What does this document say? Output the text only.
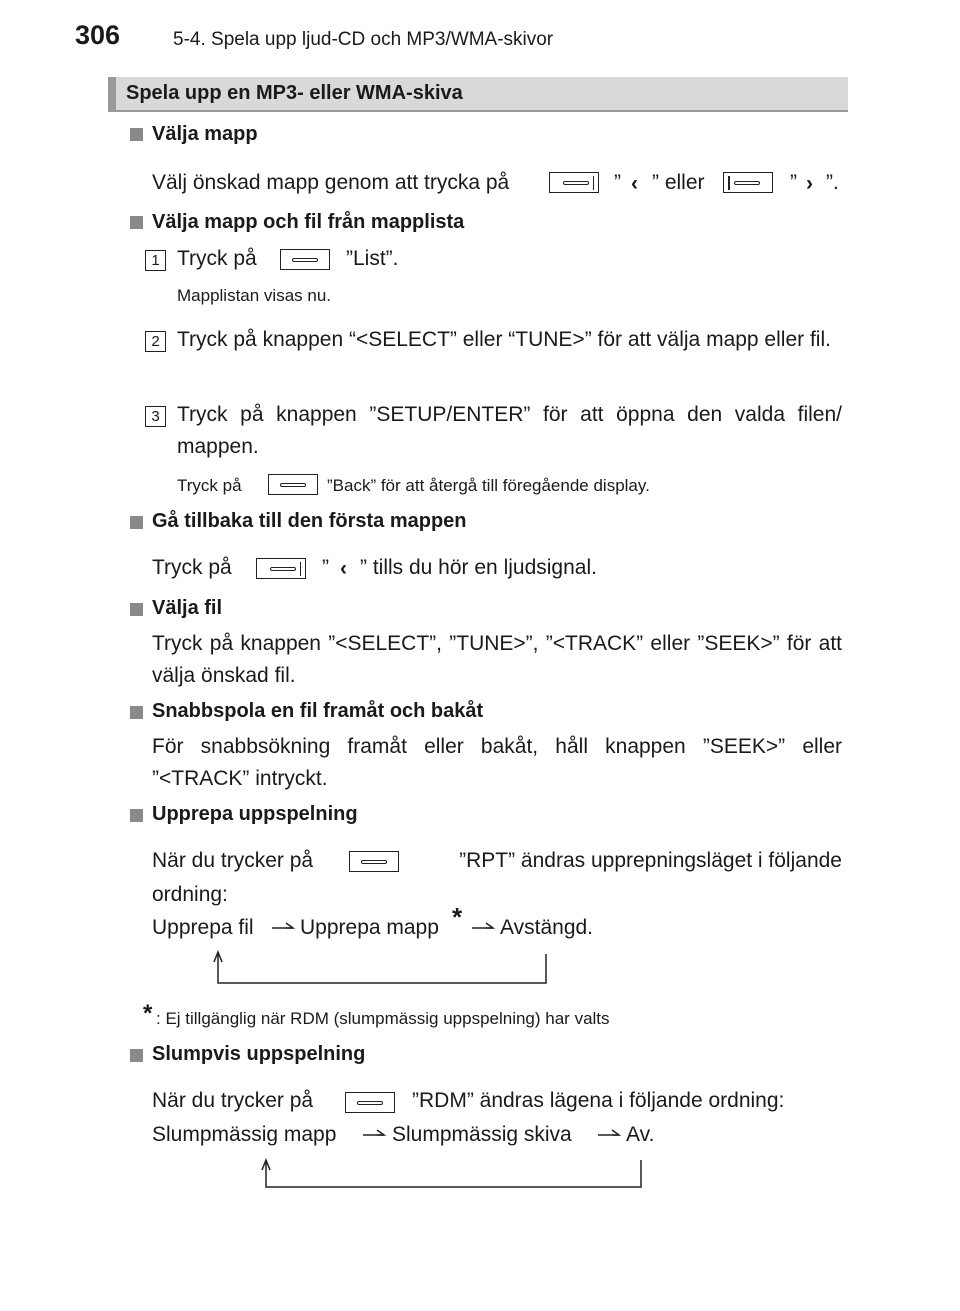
306	5-4. Spela upp ljud-CD och MP3/WMA-skivor
Spela upp en MP3- eller WMA-skiva
Välja mapp
Välj önskad mapp genom att trycka på	” ‹ ” eller	” › ”.
Välja mapp och fil från mapplista
1 Tryck på	”List”.
Mapplistan visas nu.
2 Tryck på knappen “<SELECT” eller “TUNE>” för att välja mapp eller fil.
3 Tryck på knappen ”SETUP/ENTER” för att öppna den valda filen/ mappen.
Tryck på	”Back” för att återgå till föregående display.
Gå tillbaka till den första mappen
Tryck på	” ‹ ” tills du hör en ljudsignal.
Välja fil
Tryck på knappen ”<SELECT”, ”TUNE>”, ”<TRACK” eller ”SEEK>” för att välja önskad fil.
Snabbspola en fil framåt och bakåt
För snabbsökning framåt eller bakåt, håll knappen ”SEEK>” eller ”<TRACK” intryckt.
Upprepa uppspelning
När du trycker på	”RPT” ändras upprepningsläget i följande
ordning:
Upprepa fil Upprepa mapp * Avstängd.
* : Ej tillgänglig när RDM (slumpmässig uppspelning) har valts
Slumpvis uppspelning
När du trycker på	”RDM” ändras lägena i följande ordning:
Slumpmässig mapp	Slumpmässig skiva	Av.
